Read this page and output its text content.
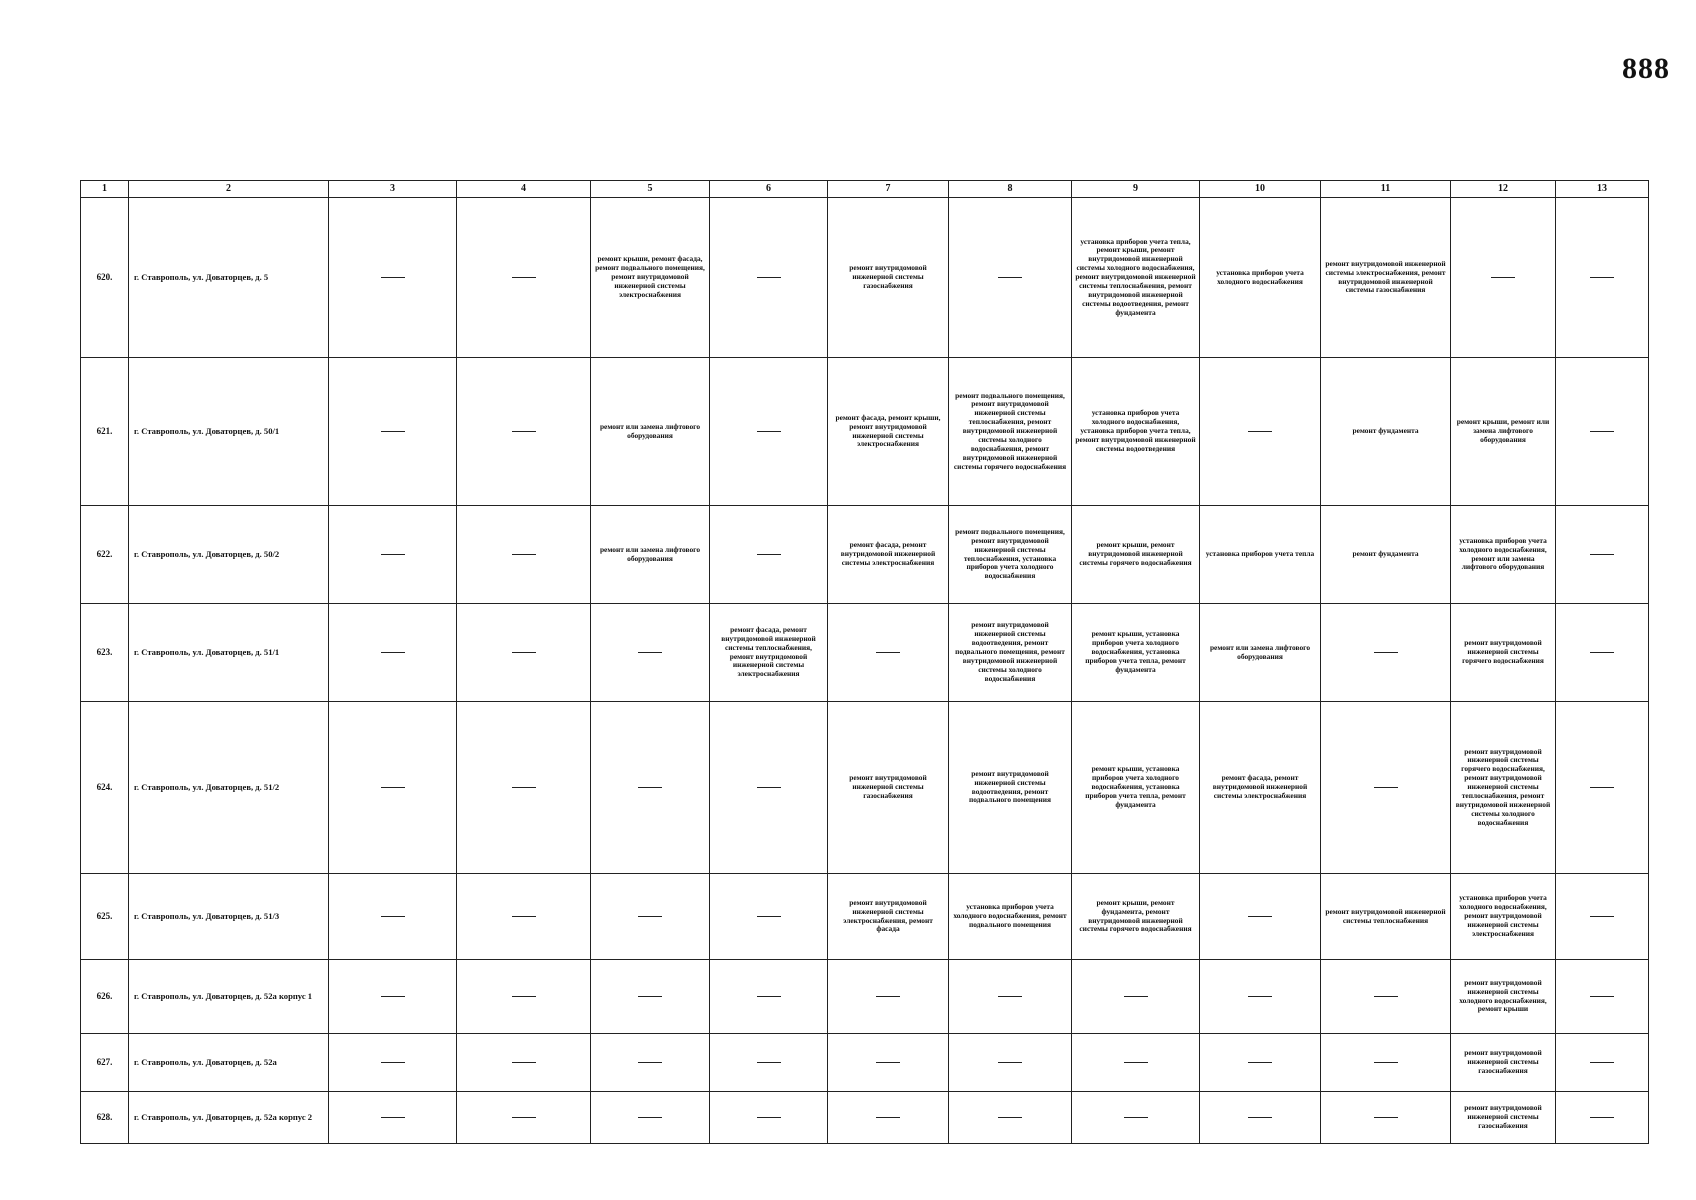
888
1	2	3	4	5	6	7	8	9	10	11	12	13
620.	г. Ставрополь, ул. Доваторцев, д. 5			ремонт крыши, ремонт фасада, ремонт подвального помещения, ремонт внутридомовой инженерной системы электроснабжения		ремонт внутридомовой инженерной системы газоснабжения		установка приборов учета тепла, ремонт крыши, ремонт внутридомовой инженерной системы холодного водоснабжения, ремонт внутридомовой инженерной системы теплоснабжения, ремонт внутридомовой инженерной системы водоотведения, ремонт фундамента	установка приборов учета холодного водоснабжения	ремонт внутридомовой инженерной системы электроснабжения, ремонт внутридомовой инженерной системы газоснабжения		
621.	г. Ставрополь, ул. Доваторцев, д. 50/1			ремонт или замена лифтового оборудования		ремонт фасада, ремонт крыши, ремонт внутридомовой инженерной системы электроснабжения	ремонт подвального помещения, ремонт внутридомовой инженерной системы теплоснабжения, ремонт внутридомовой инженерной системы холодного водоснабжения, ремонт внутридомовой инженерной системы горячего водоснабжения	установка приборов учета холодного водоснабжения, установка приборов учета тепла, ремонт внутридомовой инженерной системы водоотведения		ремонт фундамента	ремонт крыши, ремонт или замена лифтового оборудования	
622.	г. Ставрополь, ул. Доваторцев, д. 50/2			ремонт или замена лифтового оборудования		ремонт фасада, ремонт внутридомовой инженерной системы электроснабжения	ремонт подвального помещения, ремонт внутридомовой инженерной системы теплоснабжения, установка приборов учета холодного водоснабжения	ремонт крыши, ремонт внутридомовой инженерной системы горячего водоснабжения	установка приборов учета тепла	ремонт фундамента	установка приборов учета холодного водоснабжения, ремонт или замена лифтового оборудования	
623.	г. Ставрополь, ул. Доваторцев, д. 51/1				ремонт фасада, ремонт внутридомовой инженерной системы теплоснабжения, ремонт внутридомовой инженерной системы электроснабжения		ремонт внутридомовой инженерной системы водоотведения, ремонт подвального помещения, ремонт внутридомовой инженерной системы холодного водоснабжения	ремонт крыши, установка приборов учета холодного водоснабжения, установка приборов учета тепла, ремонт фундамента	ремонт или замена лифтового оборудования		ремонт внутридомовой инженерной системы горячего водоснабжения	
624.	г. Ставрополь, ул. Доваторцев, д. 51/2					ремонт внутридомовой инженерной системы газоснабжения	ремонт внутридомовой инженерной системы водоотведения, ремонт подвального помещения	ремонт крыши, установка приборов учета холодного водоснабжения, установка приборов учета тепла, ремонт фундамента	ремонт фасада, ремонт внутридомовой инженерной системы электроснабжения		ремонт внутридомовой инженерной системы горячего водоснабжения, ремонт внутридомовой инженерной системы теплоснабжения, ремонт внутридомовой инженерной системы холодного водоснабжения	
625.	г. Ставрополь, ул. Доваторцев, д. 51/3					ремонт внутридомовой инженерной системы электроснабжения, ремонт фасада	установка приборов учета холодного водоснабжения, ремонт подвального помещения	ремонт крыши, ремонт фундамента, ремонт внутридомовой инженерной системы горячего водоснабжения		ремонт внутридомовой инженерной системы теплоснабжения	установка приборов учета холодного водоснабжения, ремонт внутридомовой инженерной системы электроснабжения	
626.	г. Ставрополь, ул. Доваторцев, д. 52а корпус 1										ремонт внутридомовой инженерной системы холодного водоснабжения, ремонт крыши	
627.	г. Ставрополь, ул. Доваторцев, д. 52а										ремонт внутридомовой инженерной системы газоснабжения	
628.	г. Ставрополь, ул. Доваторцев, д. 52а корпус 2										ремонт внутридомовой инженерной системы газоснабжения	
